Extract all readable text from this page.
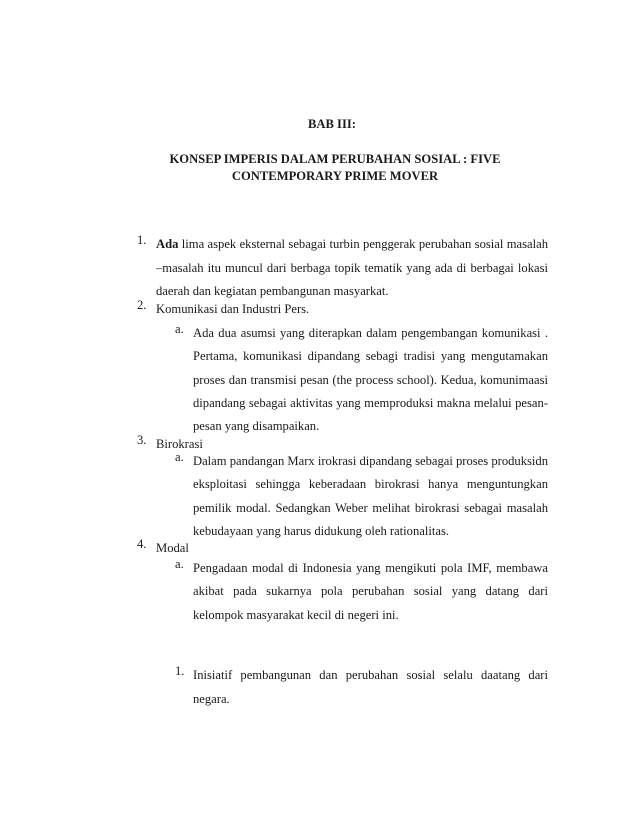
BAB III:
KONSEP IMPERIS DALAM PERUBAHAN SOSIAL : FIVE
CONTEMPORARY PRIME MOVER
1. Ada lima aspek eksternal sebagai turbin penggerak perubahan sosial masalah
–masalah itu muncul dari berbaga topik tematik yang ada di berbagai lokasi
daerah dan kegiatan pembangunan masyarkat.
2. Komunikasi dan Industri Pers.
a. Ada dua asumsi yang diterapkan dalam pengembangan komunikasi .
Pertama, komunikasi dipandang sebagi tradisi yang mengutamakan
proses dan transmisi pesan (the process school). Kedua, komunimaasi
dipandang sebagai aktivitas yang memproduksi makna melalui pesan-
pesan yang disampaikan.
3. Birokrasi
a. Dalam pandangan Marx irokrasi dipandang sebagai proses produksidn
eksploitasi sehingga keberadaan birokrasi hanya menguntungkan
pemilik modal. Sedangkan Weber melihat birokrasi sebagai masalah
kebudayaan yang harus didukung oleh rationalitas.
4. Modal
a. Pengadaan modal di Indonesia yang mengikuti pola IMF, membawa
akibat pada sukarnya pola perubahan sosial yang datang dari
kelompok masyarakat kecil di negeri ini.
1. Inisiatif pembangunan dan perubahan sosial selalu daatang dari
negara.
